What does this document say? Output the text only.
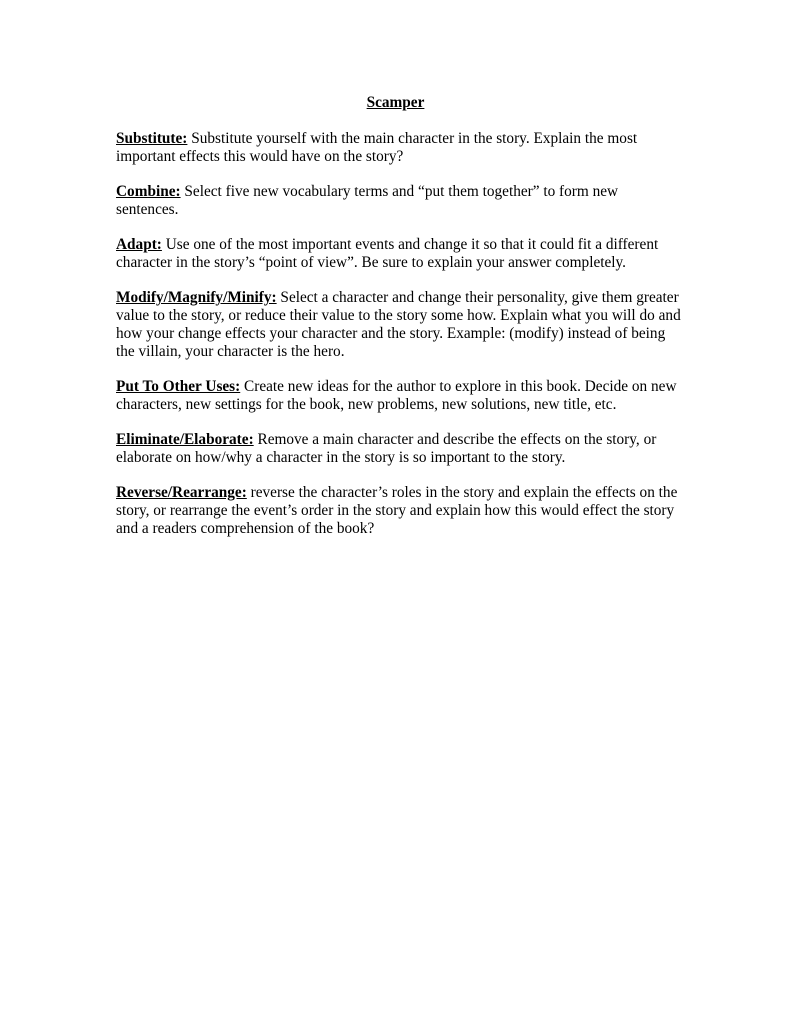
Scamper

Substitute: Substitute yourself with the main character in the story. Explain the most important effects this would have on the story?

Combine: Select five new vocabulary terms and “put them together” to form new sentences.

Adapt: Use one of the most important events and change it so that it could fit a different character in the story’s “point of view”. Be sure to explain your answer completely.

Modify/Magnify/Minify: Select a character and change their personality, give them greater value to the story, or reduce their value to the story some how. Explain what you will do and how your change effects your character and the story. Example: (modify) instead of being the villain, your character is the hero.

Put To Other Uses: Create new ideas for the author to explore in this book. Decide on new characters, new settings for the book, new problems, new solutions, new title, etc.

Eliminate/Elaborate: Remove a main character and describe the effects on the story, or elaborate on how/why a character in the story is so important to the story.

Reverse/Rearrange: reverse the character’s roles in the story and explain the effects on the story, or rearrange the event’s order in the story and explain how this would effect the story and a readers comprehension of the book?
